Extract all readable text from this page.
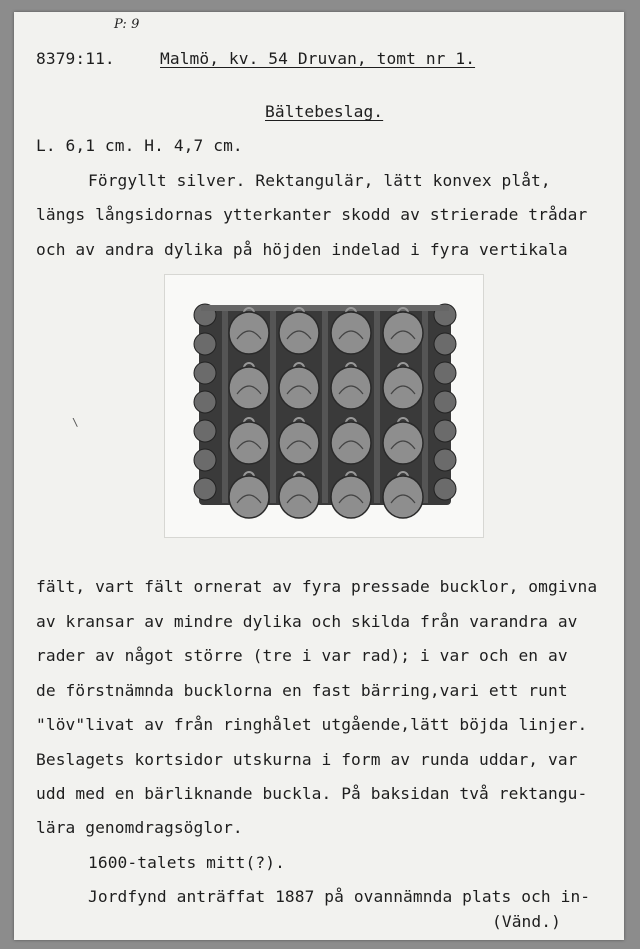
P: 9
8379:11.	Malmö, kv. 54 Druvan, tomt nr 1.
Bältebeslag.
L. 6,1 cm. H. 4,7 cm.
Förgyllt silver. Rektangulär, lätt konvex plåt,
längs långsidornas ytterkanter skodd av strierade trådar
och av andra dylika på höjden indelad i fyra vertikala
\
fält, vart fält ornerat av fyra pressade bucklor, omgivna
av kransar av mindre dylika och skilda från varandra av
rader av något större (tre i var rad); i var och en av
de förstnämnda bucklorna en fast bärring,vari ett runt
"löv"livat av från ringhålet utgående,lätt böjda linjer.
Beslagets kortsidor utskurna i form av runda uddar, var
udd med en bärliknande buckla. På baksidan två rektangu-
lära genomdragsöglor.
1600-talets mitt(?).
Jordfynd anträffat 1887 på ovannämnda plats och in-
(Vänd.)
